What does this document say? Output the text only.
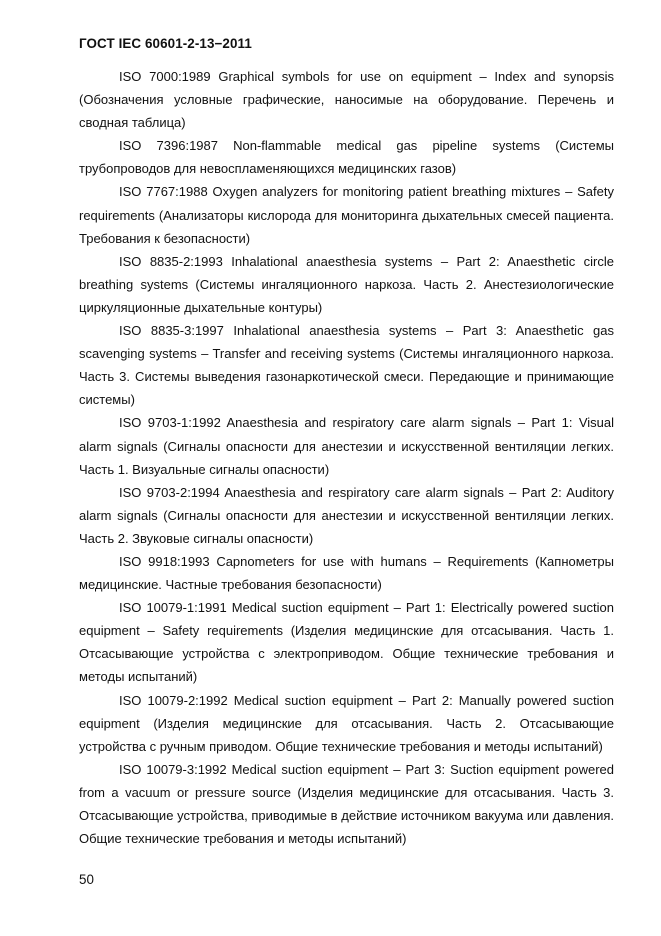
ГОСТ IEC 60601-2-13−2011

ISO 7000:1989 Graphical symbols for use on equipment – Index and synopsis (Обозначения условные графические, наносимые на оборудование. Перечень и сводная таблица)

ISO 7396:1987 Non-flammable medical gas pipeline systems (Системы трубопроводов для невоспламеняющихся медицинских газов)

ISO 7767:1988 Oxygen analyzers for monitoring patient breathing mixtures – Safety requirements (Анализаторы кислорода для мониторинга дыхательных смесей пациента. Требования к безопасности)

ISO 8835-2:1993 Inhalational anaesthesia systems – Part 2: Anaesthetic circle breathing systems (Системы ингаляционного наркоза. Часть 2. Анестезиологические циркуляционные дыхательные контуры)

ISO 8835-3:1997 Inhalational anaesthesia systems – Part 3: Anaesthetic gas scavenging systems – Transfer and receiving systems (Системы ингаляционного наркоза. Часть 3. Системы выведения газонаркотической смеси. Передающие и принимающие системы)

ISO 9703-1:1992 Anaesthesia and respiratory care alarm signals – Part 1: Visual alarm signals (Сигналы опасности для анестезии и искусственной вентиляции легких. Часть 1. Визуальные сигналы опасности)

ISO 9703-2:1994 Anaesthesia and respiratory care alarm signals – Part 2: Auditory alarm signals (Сигналы опасности для анестезии и искусственной вентиляции легких. Часть 2. Звуковые сигналы опасности)

ISO 9918:1993 Capnometers for use with humans – Requirements (Капнометры медицинские. Частные требования безопасности)

ISO 10079-1:1991 Medical suction equipment – Part 1: Electrically powered suction equipment – Safety requirements (Изделия медицинские для отсасывания. Часть 1. Отсасывающие устройства с электроприводом. Общие технические требования и методы испытаний)

ISO 10079-2:1992 Medical suction equipment – Part 2: Manually powered suction equipment (Изделия медицинские для отсасывания. Часть 2. Отсасывающие устройства с ручным приводом. Общие технические требования и методы испытаний)

ISO 10079-3:1992 Medical suction equipment – Part 3: Suction equipment powered from a vacuum or pressure source (Изделия медицинские для отсасывания. Часть 3. Отсасывающие устройства, приводимые в действие источником вакуума или давления. Общие технические требования и методы испытаний)

50
